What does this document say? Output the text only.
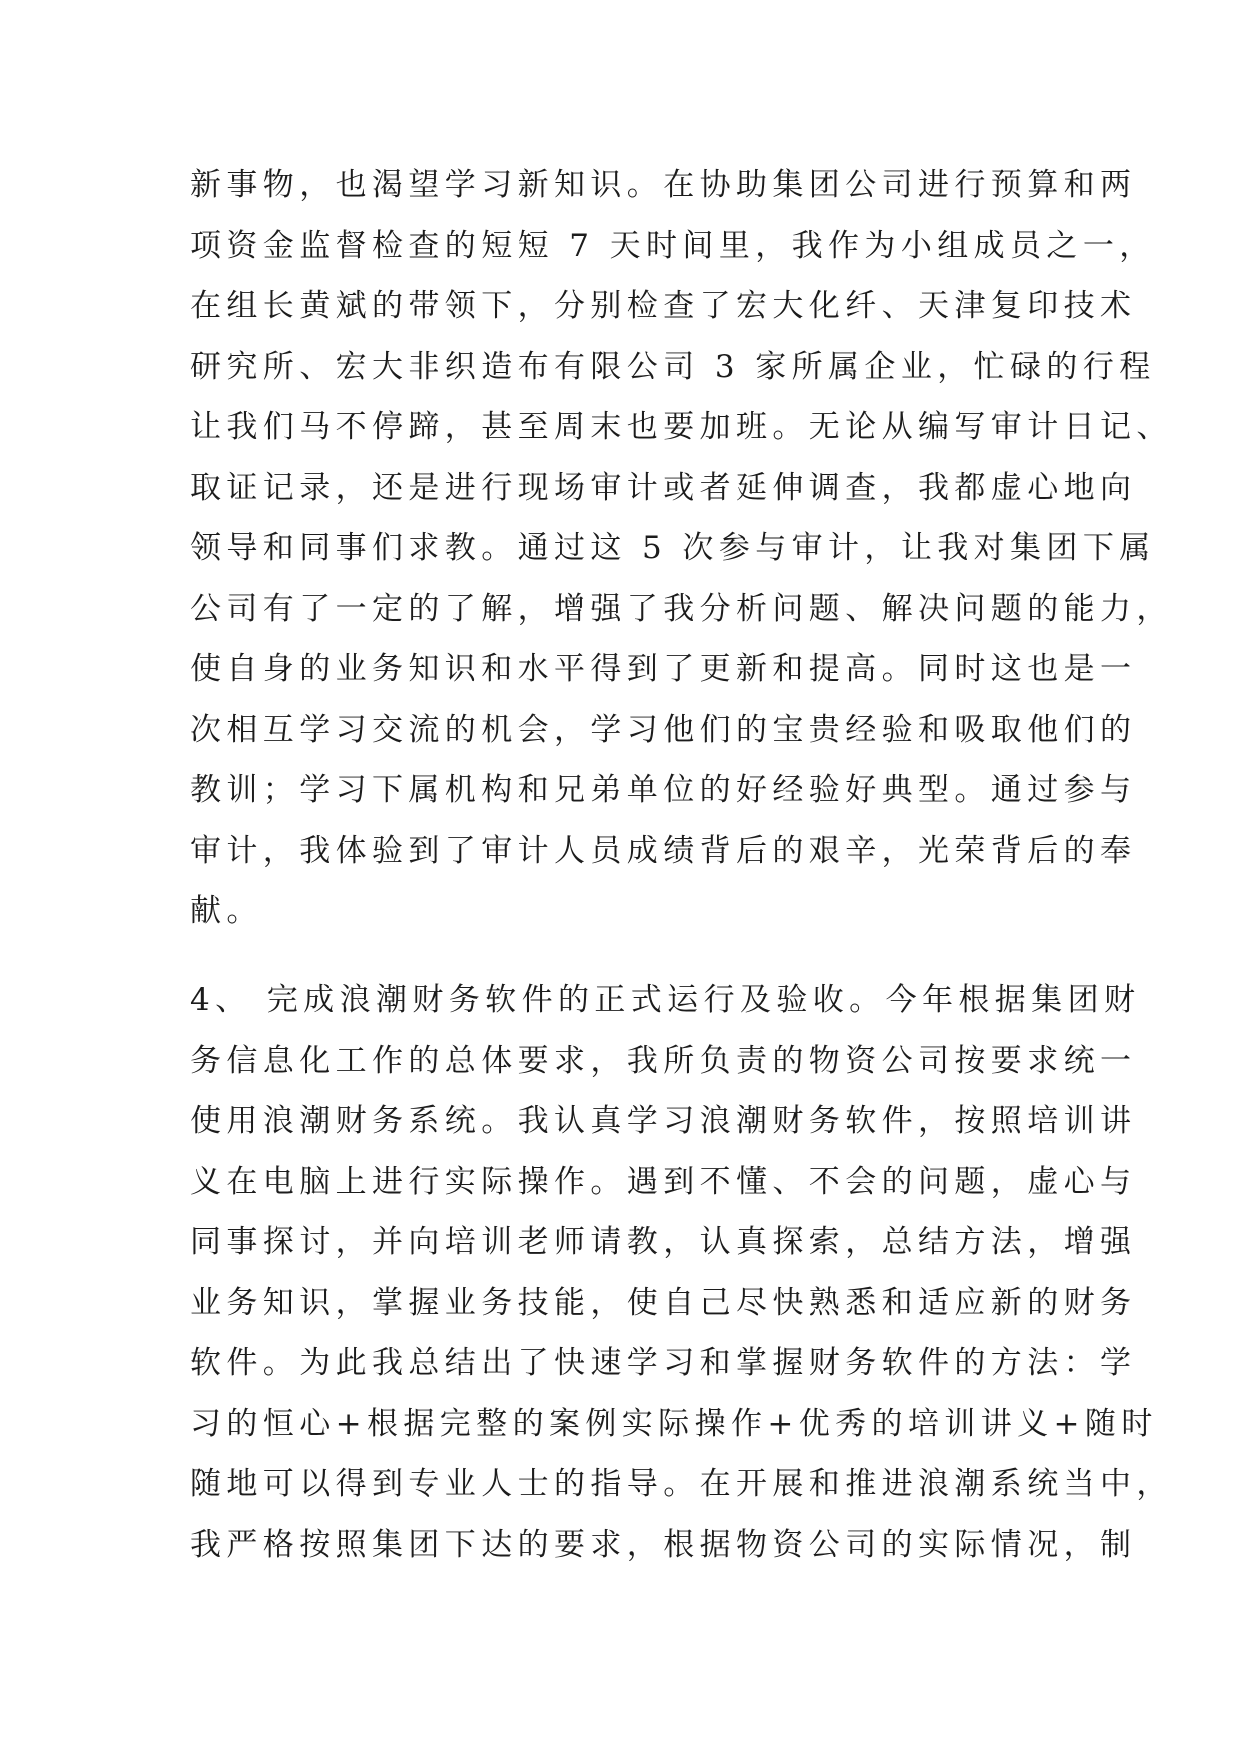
新事物，也渴望学习新知识。在协助集团公司进行预算和两
项资金监督检查的短短 7 天时间里，我作为小组成员之一，
在组长黄斌的带领下，分别检查了宏大化纤、天津复印技术
研究所、宏大非织造布有限公司 3 家所属企业，忙碌的行程
让我们马不停蹄，甚至周末也要加班。无论从编写审计日记、
取证记录，还是进行现场审计或者延伸调查，我都虚心地向
领导和同事们求教。通过这 5 次参与审计，让我对集团下属
公司有了一定的了解，增强了我分析问题、解决问题的能力，
使自身的业务知识和水平得到了更新和提高。同时这也是一
次相互学习交流的机会，学习他们的宝贵经验和吸取他们的
教训；学习下属机构和兄弟单位的好经验好典型。通过参与
审计，我体验到了审计人员成绩背后的艰辛，光荣背后的奉
献。
4、 完成浪潮财务软件的正式运行及验收。今年根据集团财
务信息化工作的总体要求，我所负责的物资公司按要求统一
使用浪潮财务系统。我认真学习浪潮财务软件，按照培训讲
义在电脑上进行实际操作。遇到不懂、不会的问题，虚心与
同事探讨，并向培训老师请教，认真探索，总结方法，增强
业务知识，掌握业务技能，使自己尽快熟悉和适应新的财务
软件。为此我总结出了快速学习和掌握财务软件的方法：学
习的恒心+根据完整的案例实际操作+优秀的培训讲义+随时
随地可以得到专业人士的指导。在开展和推进浪潮系统当中，
我严格按照集团下达的要求，根据物资公司的实际情况，制
